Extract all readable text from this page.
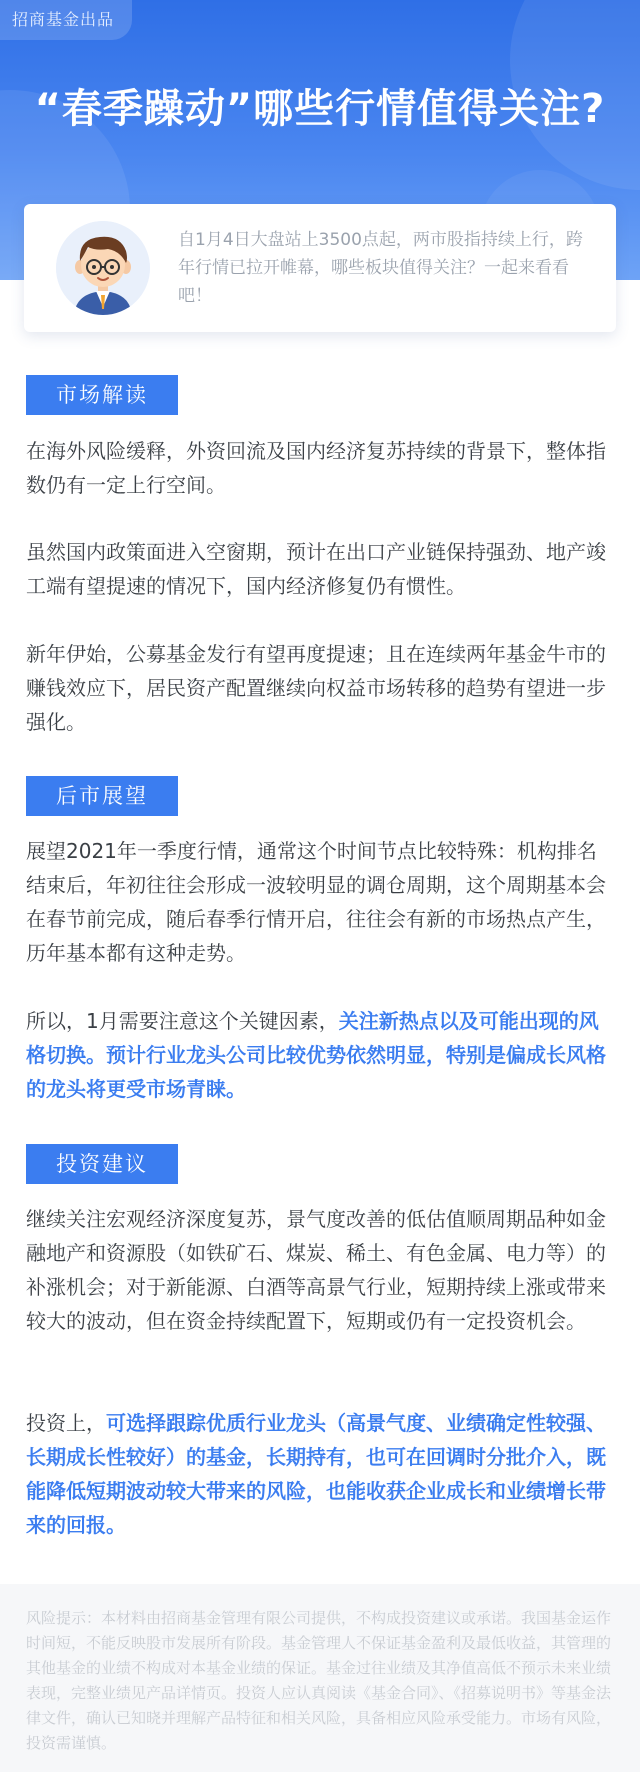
招商基金出品
“春季躁动”哪些行情值得关注?
自1月4日大盘站上3500点起，两市股指持续上行，跨年行情已拉开帷幕，哪些板块值得关注？一起来看看吧！
市场解读
在海外风险缓释，外资回流及国内经济复苏持续的背景下，整体指数仍有一定上行空间。
虽然国内政策面进入空窗期，预计在出口产业链保持强劲、地产竣工端有望提速的情况下，国内经济修复仍有惯性。
新年伊始，公募基金发行有望再度提速；且在连续两年基金牛市的赚钱效应下，居民资产配置继续向权益市场转移的趋势有望进一步强化。
后市展望
展望2021年一季度行情，通常这个时间节点比较特殊：机构排名结束后，年初往往会形成一波较明显的调仓周期，这个周期基本会在春节前完成，随后春季行情开启，往往会有新的市场热点产生，历年基本都有这种走势。
所以，1月需要注意这个关键因素，关注新热点以及可能出现的风格切换。预计行业龙头公司比较优势依然明显，特别是偏成长风格的龙头将更受市场青睐。
投资建议
继续关注宏观经济深度复苏，景气度改善的低估值顺周期品种如金融地产和资源股（如铁矿石、煤炭、稀土、有色金属、电力等）的补涨机会；对于新能源、白酒等高景气行业，短期持续上涨或带来较大的波动，但在资金持续配置下，短期或仍有一定投资机会。
投资上，可选择跟踪优质行业龙头（高景气度、业绩确定性较强、长期成长性较好）的基金，长期持有，也可在回调时分批介入，既能降低短期波动较大带来的风险，也能收获企业成长和业绩增长带来的回报。
风险提示：本材料由招商基金管理有限公司提供，不构成投资建议或承诺。我国基金运作时间短，不能反映股市发展所有阶段。基金管理人不保证基金盈利及最低收益，其管理的其他基金的业绩不构成对本基金业绩的保证。基金过往业绩及其净值高低不预示未来业绩表现，完整业绩见产品详情页。投资人应认真阅读《基金合同》、《招募说明书》等基金法律文件，确认已知晓并理解产品特征和相关风险，具备相应风险承受能力。市场有风险，投资需谨慎。
